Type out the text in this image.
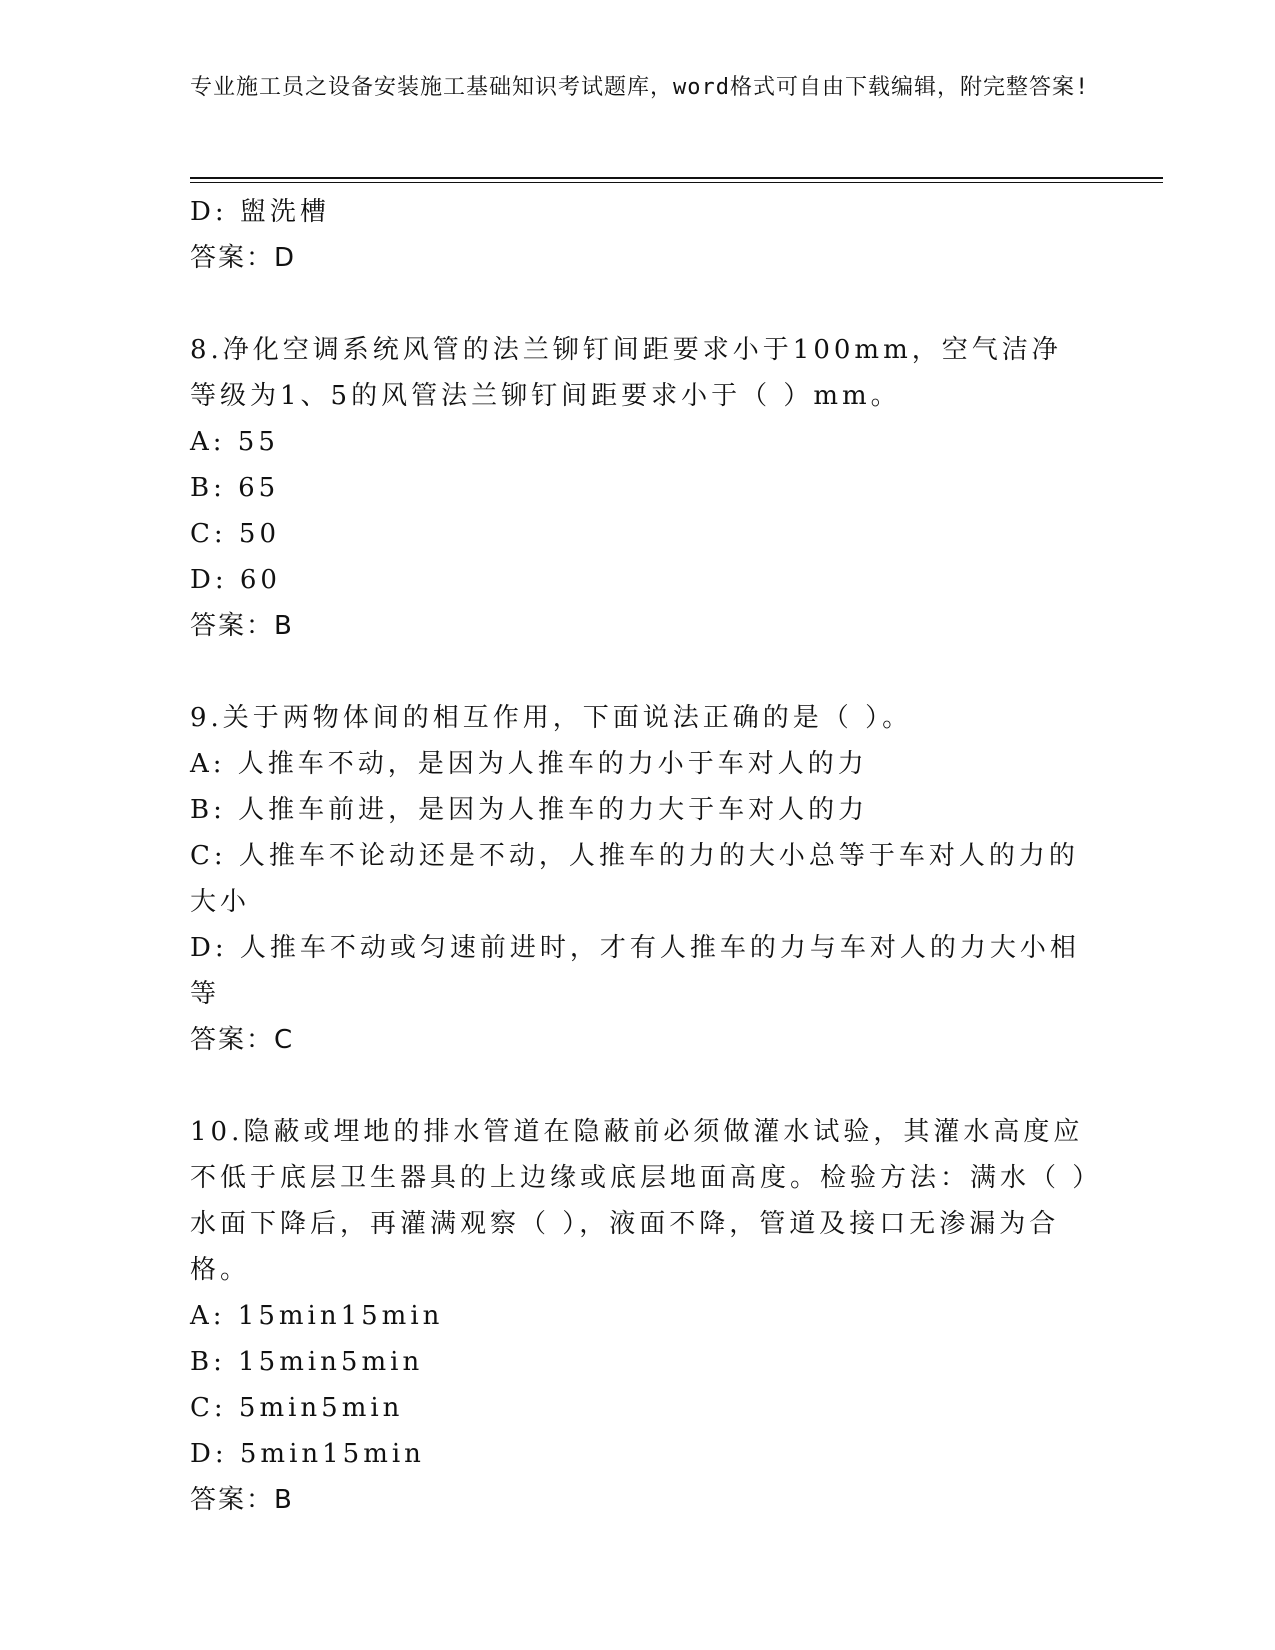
专业施工员之设备安装施工基础知识考试题库，word格式可自由下载编辑，附完整答案!

D: 盥洗槽

答案：D

8.净化空调系统风管的法兰铆钉间距要求小于100mm，空气洁净等级为1、5的风管法兰铆钉间距要求小于（ ）mm。

A: 55

B: 65

C: 50

D: 60

答案：B

9.关于两物体间的相互作用，下面说法正确的是（ ）。

A: 人推车不动，是因为人推车的力小于车对人的力

B: 人推车前进，是因为人推车的力大于车对人的力

C: 人推车不论动还是不动，人推车的力的大小总等于车对人的力的大小

D: 人推车不动或匀速前进时，才有人推车的力与车对人的力大小相等

答案：C

10.隐蔽或埋地的排水管道在隐蔽前必须做灌水试验，其灌水高度应不低于底层卫生器具的上边缘或底层地面高度。检验方法：满水（ ）水面下降后，再灌满观察（ ），液面不降，管道及接口无渗漏为合格。

A: 15min15min

B: 15min5min

C: 5min5min

D: 5min15min

答案：B
